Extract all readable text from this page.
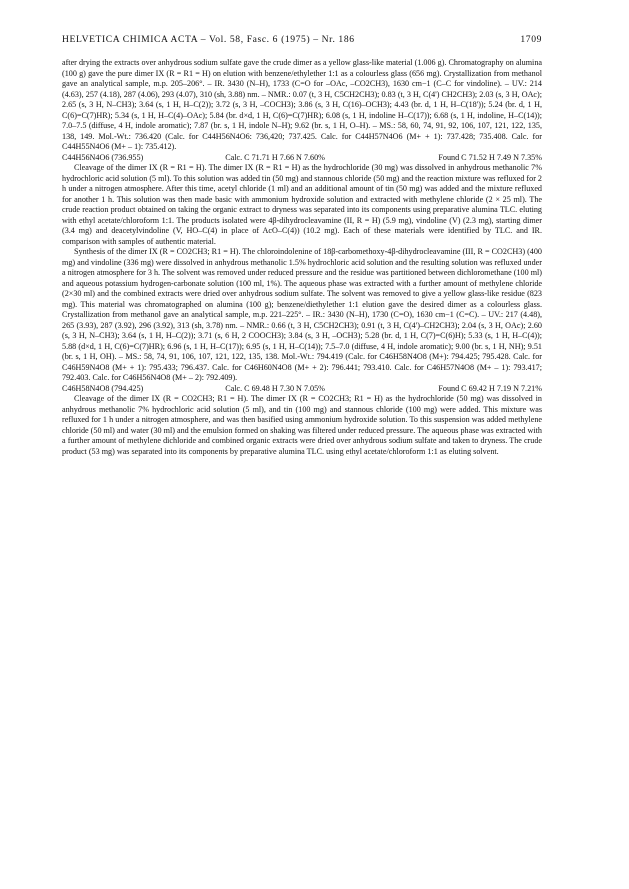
HELVETICA CHIMICA ACTA – Vol. 58, Fasc. 6 (1975) – Nr. 186	1709

after drying the extracts over anhydrous sodium sulfate gave the crude dimer as a yellow glass-like material (1.006 g). Chromatography on alumina (100 g) gave the pure dimer IX (R = R1 = H) on elution with benzene/ethylether 1:1 as a colourless glass (656 mg). Crystallization from methanol gave an analytical sample, m.p. 205–206°. – IR. 3430 (N–H), 1733 (C=O for –OAc, –CO2CH3), 1630 cm−1 (C–C for vindoline). – UV.: 214 (4.63), 257 (4.18), 287 (4.06), 293 (4.07), 310 (sh, 3.88) nm. – NMR.: 0.07 (t, 3 H, C5CH2CH3); 0.83 (t, 3 H, C(4') CH2CH3); 2.03 (s, 3 H, OAc); 2.65 (s, 3 H, N–CH3); 3.64 (s, 1 H, H–C(2)); 3.72 (s, 3 H, –COCH3); 3.86 (s, 3 H, C(16)–OCH3); 4.43 (br. d, 1 H, H–C(18')); 5.24 (br. d, 1 H, C(6)=C(7)HR); 5.34 (s, 1 H, H–C(4)–OAc); 5.84 (br. d×d, 1 H, C(6)=C(7)HR); 6.08 (s, 1 H, indoline H–C(17)); 6.68 (s, 1 H, indoline, H–C(14)); 7.0–7.5 (diffuse, 4 H, indole aromatic); 7.87 (br. s, 1 H, indole N–H); 9.62 (br. s, 1 H, O–H). – MS.: 58, 60, 74, 91, 92, 106, 107, 121, 122, 135, 138, 149. Mol.-Wt.: 736.420 (Calc. for C44H56N4O6: 736,420; 737.425. Calc. for C44H57N4O6 (M+ + 1): 737.428; 735.408. Calc. for C44H55N4O6 (M+ – 1): 735.412).

C44H56N4O6 (736.955)	Calc. C 71.71 H 7.66 N 7.60%	Found C 71.52 H 7.49 N 7.35%

Cleavage of the dimer IX (R = R1 = H). The dimer IX (R = R1 = H) as the hydrochloride (30 mg) was dissolved in anhydrous methanolic 7% hydrochloric acid solution (5 ml). To this solution was added tin (50 mg) and stannous chloride (50 mg) and the reaction mixture was refluxed for 2 h under a nitrogen atmosphere. After this time, acetyl chloride (1 ml) and an additional amount of tin (50 mg) was added and the mixture refluxed for another 1 h. This solution was then made basic with ammonium hydroxide solution and extracted with methylene chloride (2 × 25 ml). The crude reaction product obtained on taking the organic extract to dryness was separated into its components using preparative alumina TLC. eluting with ethyl acetate/chloroform 1:1. The products isolated were 4β-dihydrocleavamine (II, R = H) (5.9 mg), vindoline (V) (2.3 mg), starting dimer (3.4 mg) and deacetylvindoline (V, HO–C(4) in place of AcO–C(4)) (10.2 mg). Each of these materials were identified by TLC. and IR. comparison with samples of authentic material.

Synthesis of the dimer IX (R = CO2CH3; R1 = H). The chloroindolenine of 18β-carbomethoxy-4β-dihydrocleavamine (III, R = CO2CH3) (400 mg) and vindoline (336 mg) were dissolved in anhydrous methanolic 1.5% hydrochloric acid solution and the resulting solution was refluxed under a nitrogen atmosphere for 3 h. The solvent was removed under reduced pressure and the residue was partitioned between dichloromethane (100 ml) and aqueous potassium hydrogen-carbonate solution (100 ml, 1%). The aqueous phase was extracted with a further amount of methylene chloride (2×30 ml) and the combined extracts were dried over anhydrous sodium sulfate. The solvent was removed to give a yellow glass-like residue (823 mg). This material was chromatographed on alumina (100 g); benzene/diethylether 1:1 elution gave the desired dimer as a colourless glass. Crystallization from methanol gave an analytical sample, m.p. 221–225°. – IR.: 3430 (N–H), 1730 (C=O), 1630 cm−1 (C=C). – UV.: 217 (4.48), 265 (3.93), 287 (3.92), 296 (3.92), 313 (sh, 3.78) nm. – NMR.: 0.66 (t, 3 H, C5CH2CH3); 0.91 (t, 3 H, C(4')–CH2CH3); 2.04 (s, 3 H, OAc); 2.60 (s, 3 H, N–CH3); 3.64 (s, 1 H, H–C(2)); 3.71 (s, 6 H, 2 COOCH3); 3.84 (s, 3 H, –OCH3); 5.28 (br. d, 1 H, C(7)=C(6)H); 5.33 (s, 1 H, H–C(4)); 5.88 (d×d, 1 H, C(6)=C(7)HR); 6.96 (s, 1 H, H–C(17)); 6.95 (s, 1 H, H–C(14)); 7.5–7.0 (diffuse, 4 H, indole aromatic); 9.00 (br. s, 1 H, NH); 9.51 (br. s, 1 H, OH). – MS.: 58, 74, 91, 106, 107, 121, 122, 135, 138. Mol.-Wt.: 794.419 (Calc. for C46H58N4O8 (M+): 794.425; 795.428. Calc. for C46H59N4O8 (M+ + 1): 795.433; 796.437. Calc. for C46H60N4O8 (M+ + 2): 796.441; 793.410. Calc. for C46H57N4O8 (M+ – 1): 793.417; 792.403. Calc. for C46H56N4O8 (M+ – 2): 792.409).

C46H58N4O8 (794.425)	Calc. C 69.48 H 7.30 N 7.05%	Found C 69.42 H 7.19 N 7.21%

Cleavage of the dimer IX (R = CO2CH3; R1 = H). The dimer IX (R = CO2CH3; R1 = H) as the hydrochloride (50 mg) was dissolved in anhydrous methanolic 7% hydrochloric acid solution (5 ml), and tin (100 mg) and stannous chloride (100 mg) were added. This mixture was refluxed for 1 h under a nitrogen atmosphere, and was then basified using ammonium hydroxide solution. To this suspension was added methylene chloride (50 ml) and water (30 ml) and the emulsion formed on shaking was filtered under reduced pressure. The aqueous phase was extracted with a further amount of methylene dichloride and combined organic extracts were dried over anhydrous sodium sulfate and taken to dryness. The crude product (53 mg) was separated into its components by preparative alumina TLC. using ethyl acetate/chloroform 1:1 as eluting solvent.
